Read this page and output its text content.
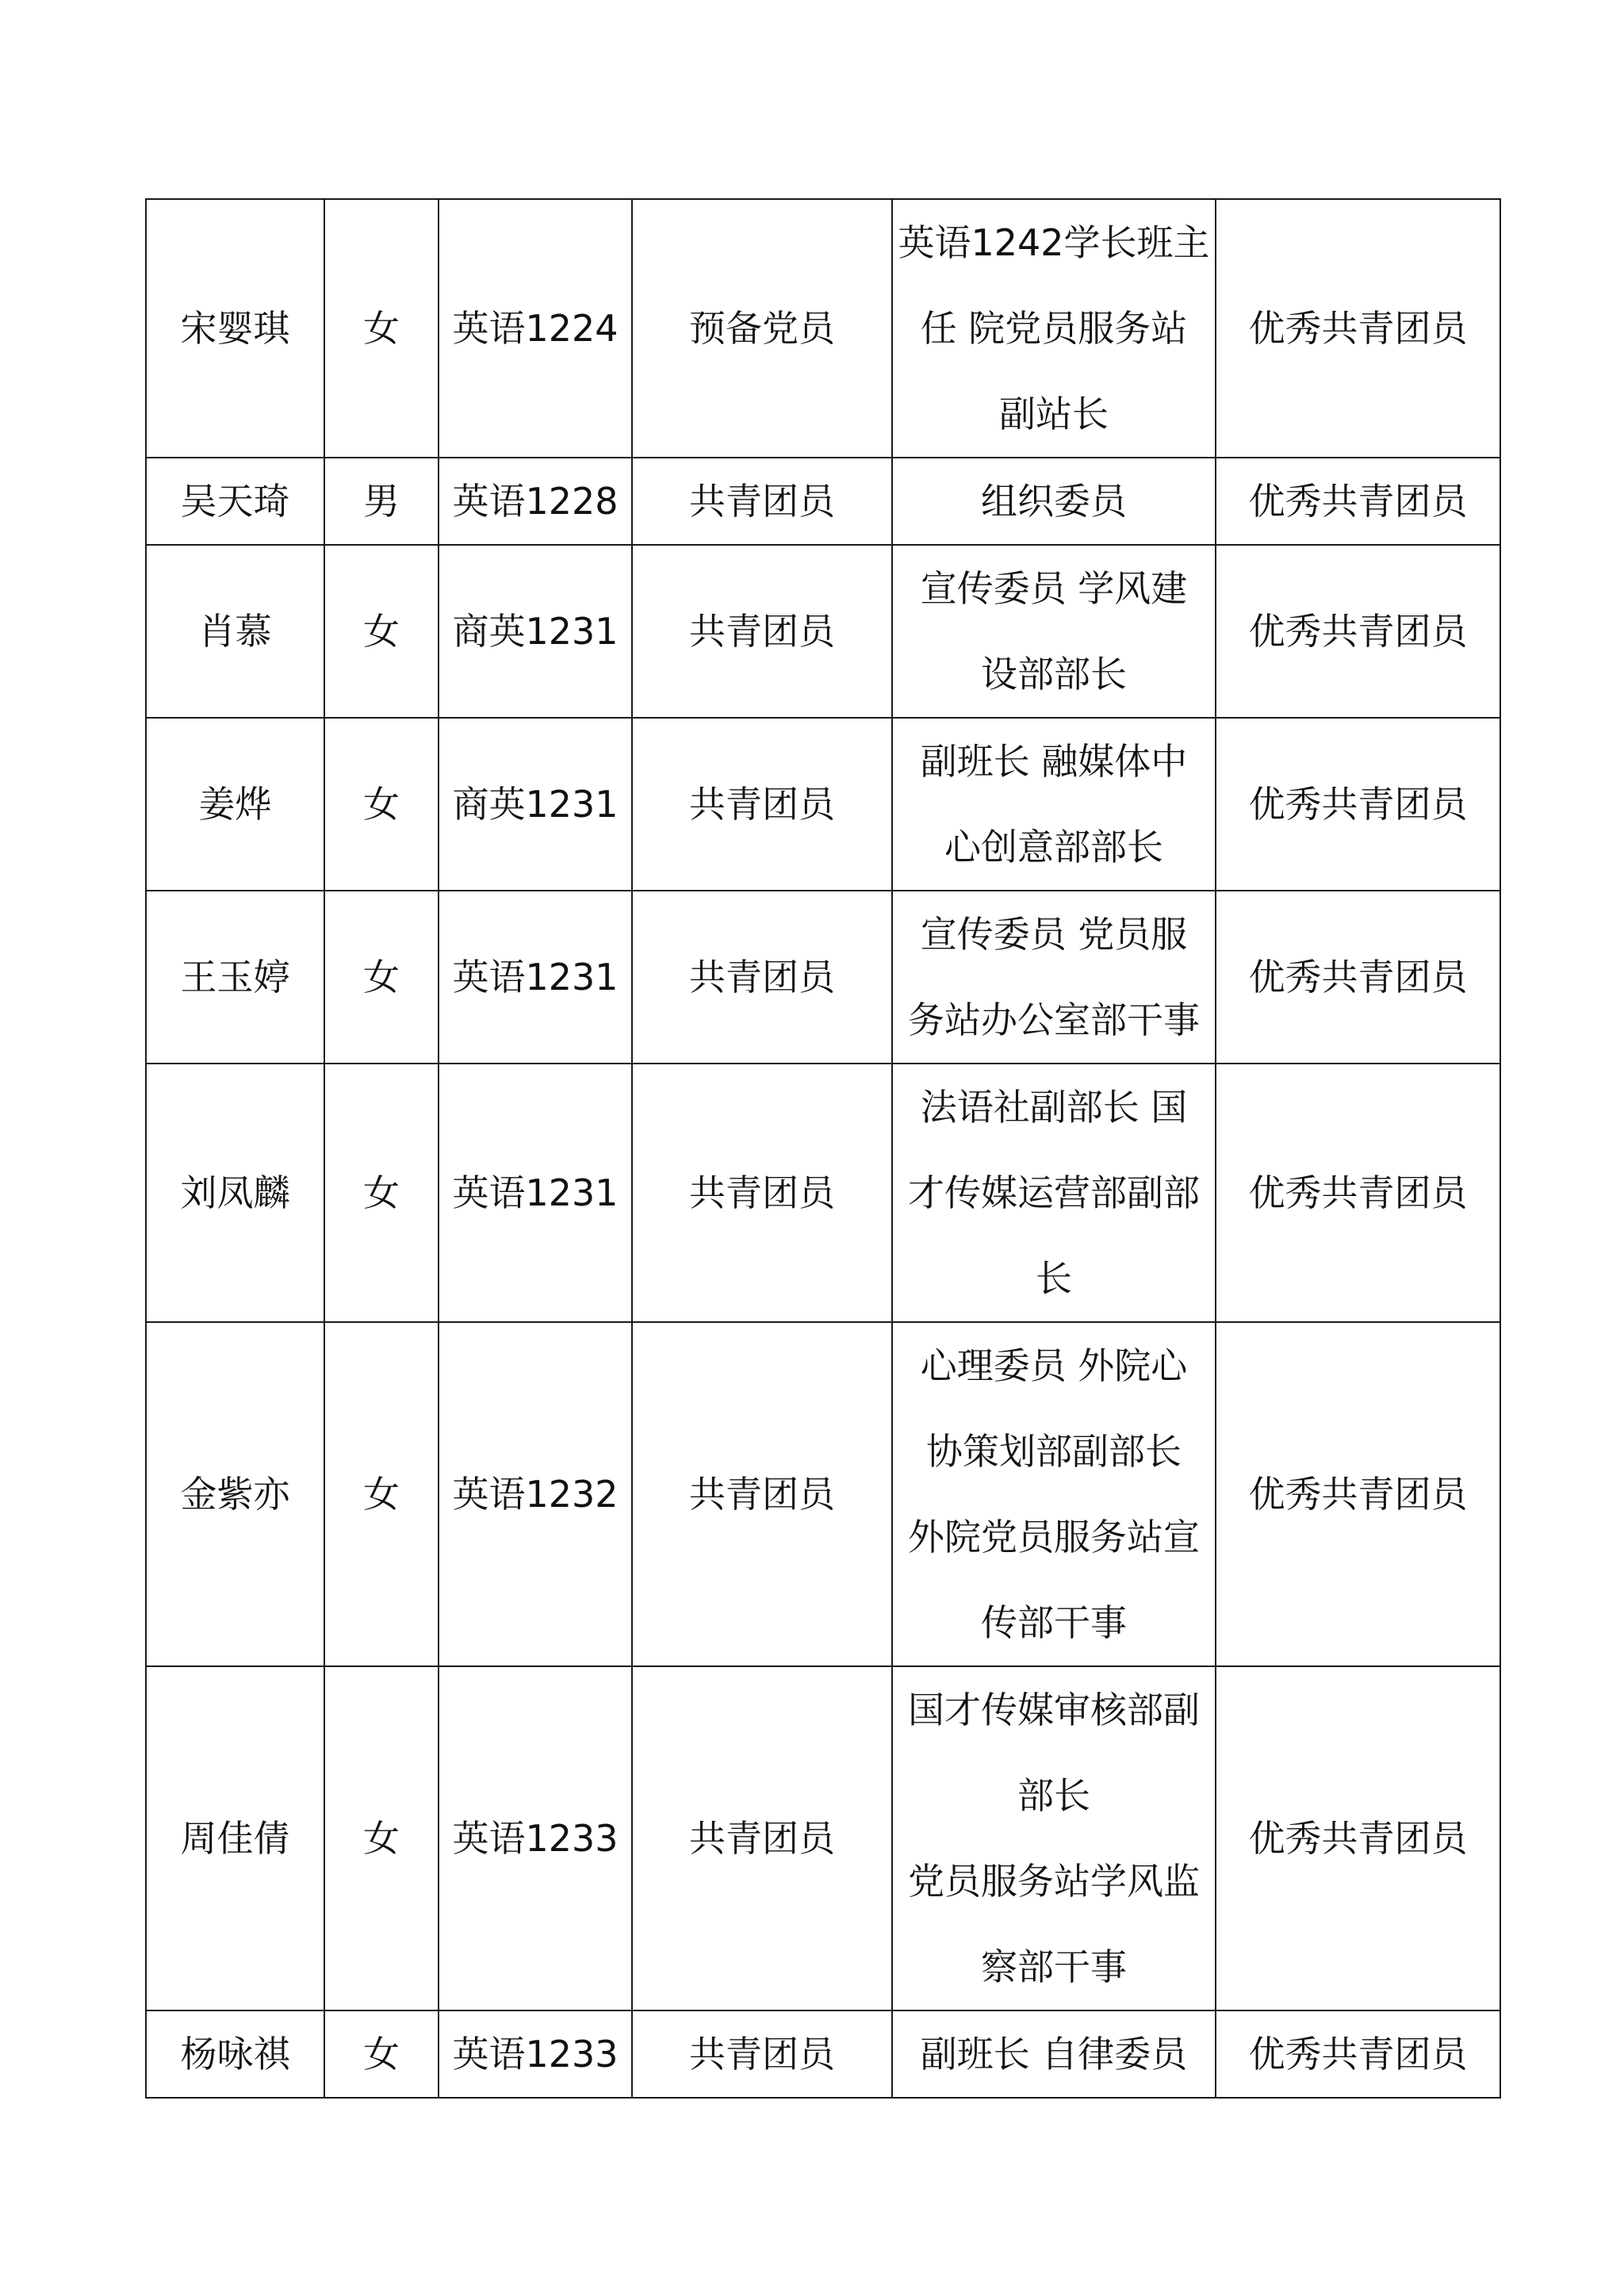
宋婴琪	女	英语1224	预备党员	英语1242学长班主
任 院党员服务站
副站长	优秀共青团员
吴天琦	男	英语1228	共青团员	组织委员	优秀共青团员
肖慕	女	商英1231	共青团员	宣传委员 学风建
设部部长	优秀共青团员
姜烨	女	商英1231	共青团员	副班长 融媒体中
心创意部部长	优秀共青团员
王玉婷	女	英语1231	共青团员	宣传委员 党员服
务站办公室部干事	优秀共青团员
刘凤麟	女	英语1231	共青团员	法语社副部长 国
才传媒运营部副部
长	优秀共青团员
金紫亦	女	英语1232	共青团员	心理委员 外院心
协策划部副部长
外院党员服务站宣
传部干事	优秀共青团员
周佳倩	女	英语1233	共青团员	国才传媒审核部副
部长
党员服务站学风监
察部干事	优秀共青团员
杨咏祺	女	英语1233	共青团员	副班长 自律委员	优秀共青团员
